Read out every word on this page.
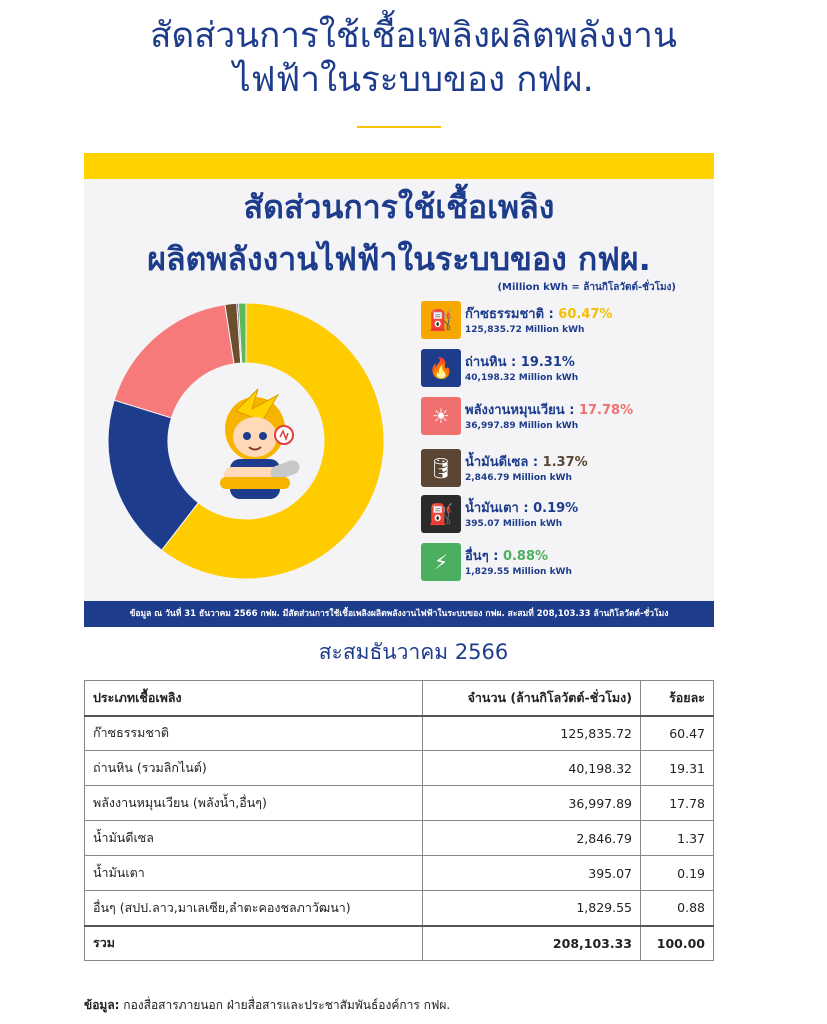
สัดส่วนการใช้เชื้อเพลิงผลิตพลังงาน
ไฟฟ้าในระบบของ กฟผ.
สัดส่วนการใช้เชื้อเพลิง
ผลิตพลังงานไฟฟ้าในระบบของ กฟผ.
(Million kWh = ล้านกิโลวัตต์-ชั่วโมง)
⛽ ก๊าซธรรมชาติ : 60.47%
125,835.72 Million kWh
🔥 ถ่านหิน : 19.31%
40,198.32 Million kWh
☀	พลังงานหมุนเวียน : 17.78%
36,997.89 Million kWh
🛢 น้ำมันดีเซล : 1.37%
2,846.79 Million kWh
⛽ น้ำมันเตา : 0.19%
395.07 Million kWh
⚡	อื่นๆ : 0.88%
1,829.55 Million kWh
ข้อมูล ณ วันที่ 31 ธันวาคม 2566 กฟผ. มีสัดส่วนการใช้เชื้อเพลิงผลิตพลังงานไฟฟ้าในระบบของ กฟผ. สะสมที่ 208,103.33 ล้านกิโลวัตต์-ชั่วโมง
สะสมธันวาคม 2566
ประเภทเชื้อเพลิง	จำนวน (ล้านกิโลวัตต์-ชั่วโมง)	ร้อยละ
ก๊าซธรรมชาติ	125,835.72	60.47
ถ่านหิน (รวมลิกไนต์)	40,198.32	19.31
พลังงานหมุนเวียน (พลังน้ำ,อื่นๆ)	36,997.89	17.78
น้ำมันดีเซล	2,846.79	1.37
น้ำมันเตา	395.07	0.19
อื่นๆ (สปป.ลาว,มาเลเซีย,ลำตะคองชลภาวัฒนา)	1,829.55	0.88
รวม	208,103.33	100.00
ข้อมูล: กองสื่อสารภายนอก ฝ่ายสื่อสารและประชาสัมพันธ์องค์การ กฟผ.
